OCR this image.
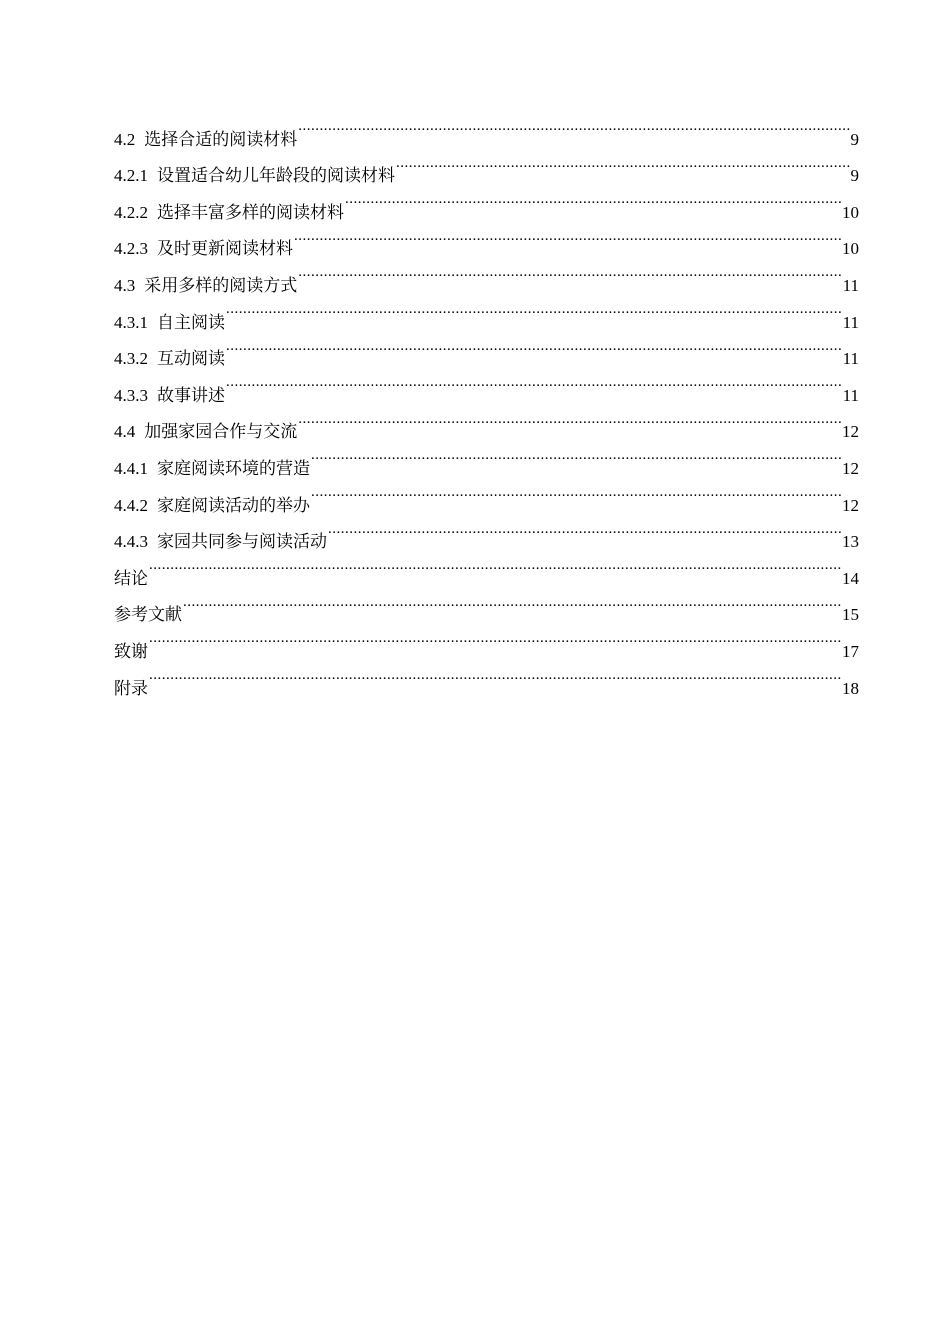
4.2 选择合适的阅读材料 .....	9
4.2.1 设置适合幼儿年龄段的阅读材料 .....	9
4.2.2 选择丰富多样的阅读材料 .....	10
4.2.3 及时更新阅读材料 .....	10
4.3 采用多样的阅读方式 .....	11
4.3.1 自主阅读 .....	11
4.3.2 互动阅读 .....	11
4.3.3 故事讲述 .....	11
4.4 加强家园合作与交流 .....	12
4.4.1 家庭阅读环境的营造 .....	12
4.4.2 家庭阅读活动的举办 .....	12
4.4.3 家园共同参与阅读活动 .....	13
结论 .....	14
参考文献 .....	15
致谢 .....	17
附录 .....	18
